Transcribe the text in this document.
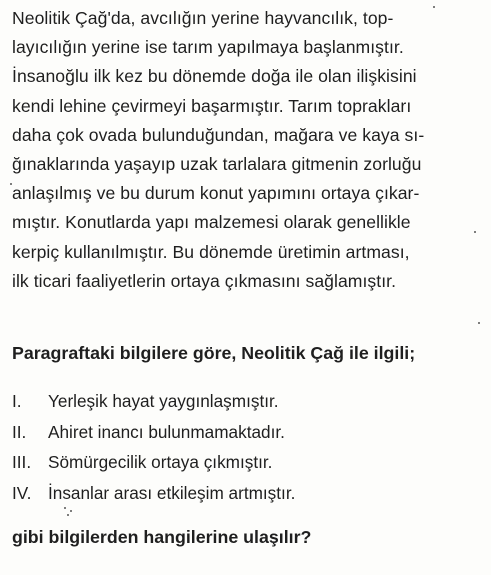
Neolitik Çağ'da, avcılığın yerine hayvancılık, top-
layıcılığın yerine ise tarım yapılmaya başlanmıştır.
İnsanoğlu ilk kez bu dönemde doğa ile olan ilişkisini
kendi lehine çevirmeyi başarmıştır. Tarım toprakları
daha çok ovada bulunduğundan, mağara ve kaya sı-
ğınaklarında yaşayıp uzak tarlalara gitmenin zorluğu
anlaşılmış ve bu durum konut yapımını ortaya çıkar-
mıştır. Konutlarda yapı malzemesi olarak genellikle
kerpiç kullanılmıştır. Bu dönemde üretimin artması,
ilk ticari faaliyetlerin ortaya çıkmasını sağlamıştır.
Paragraftaki bilgilere göre, Neolitik Çağ ile ilgili;
I. Yerleşik hayat yaygınlaşmıştır.
II. Ahiret inancı bulunmamaktadır.
III. Sömürgecilik ortaya çıkmıştır.
IV. İnsanlar arası etkileşim artmıştır.
gibi bilgilerden hangilerine ulaşılır?
